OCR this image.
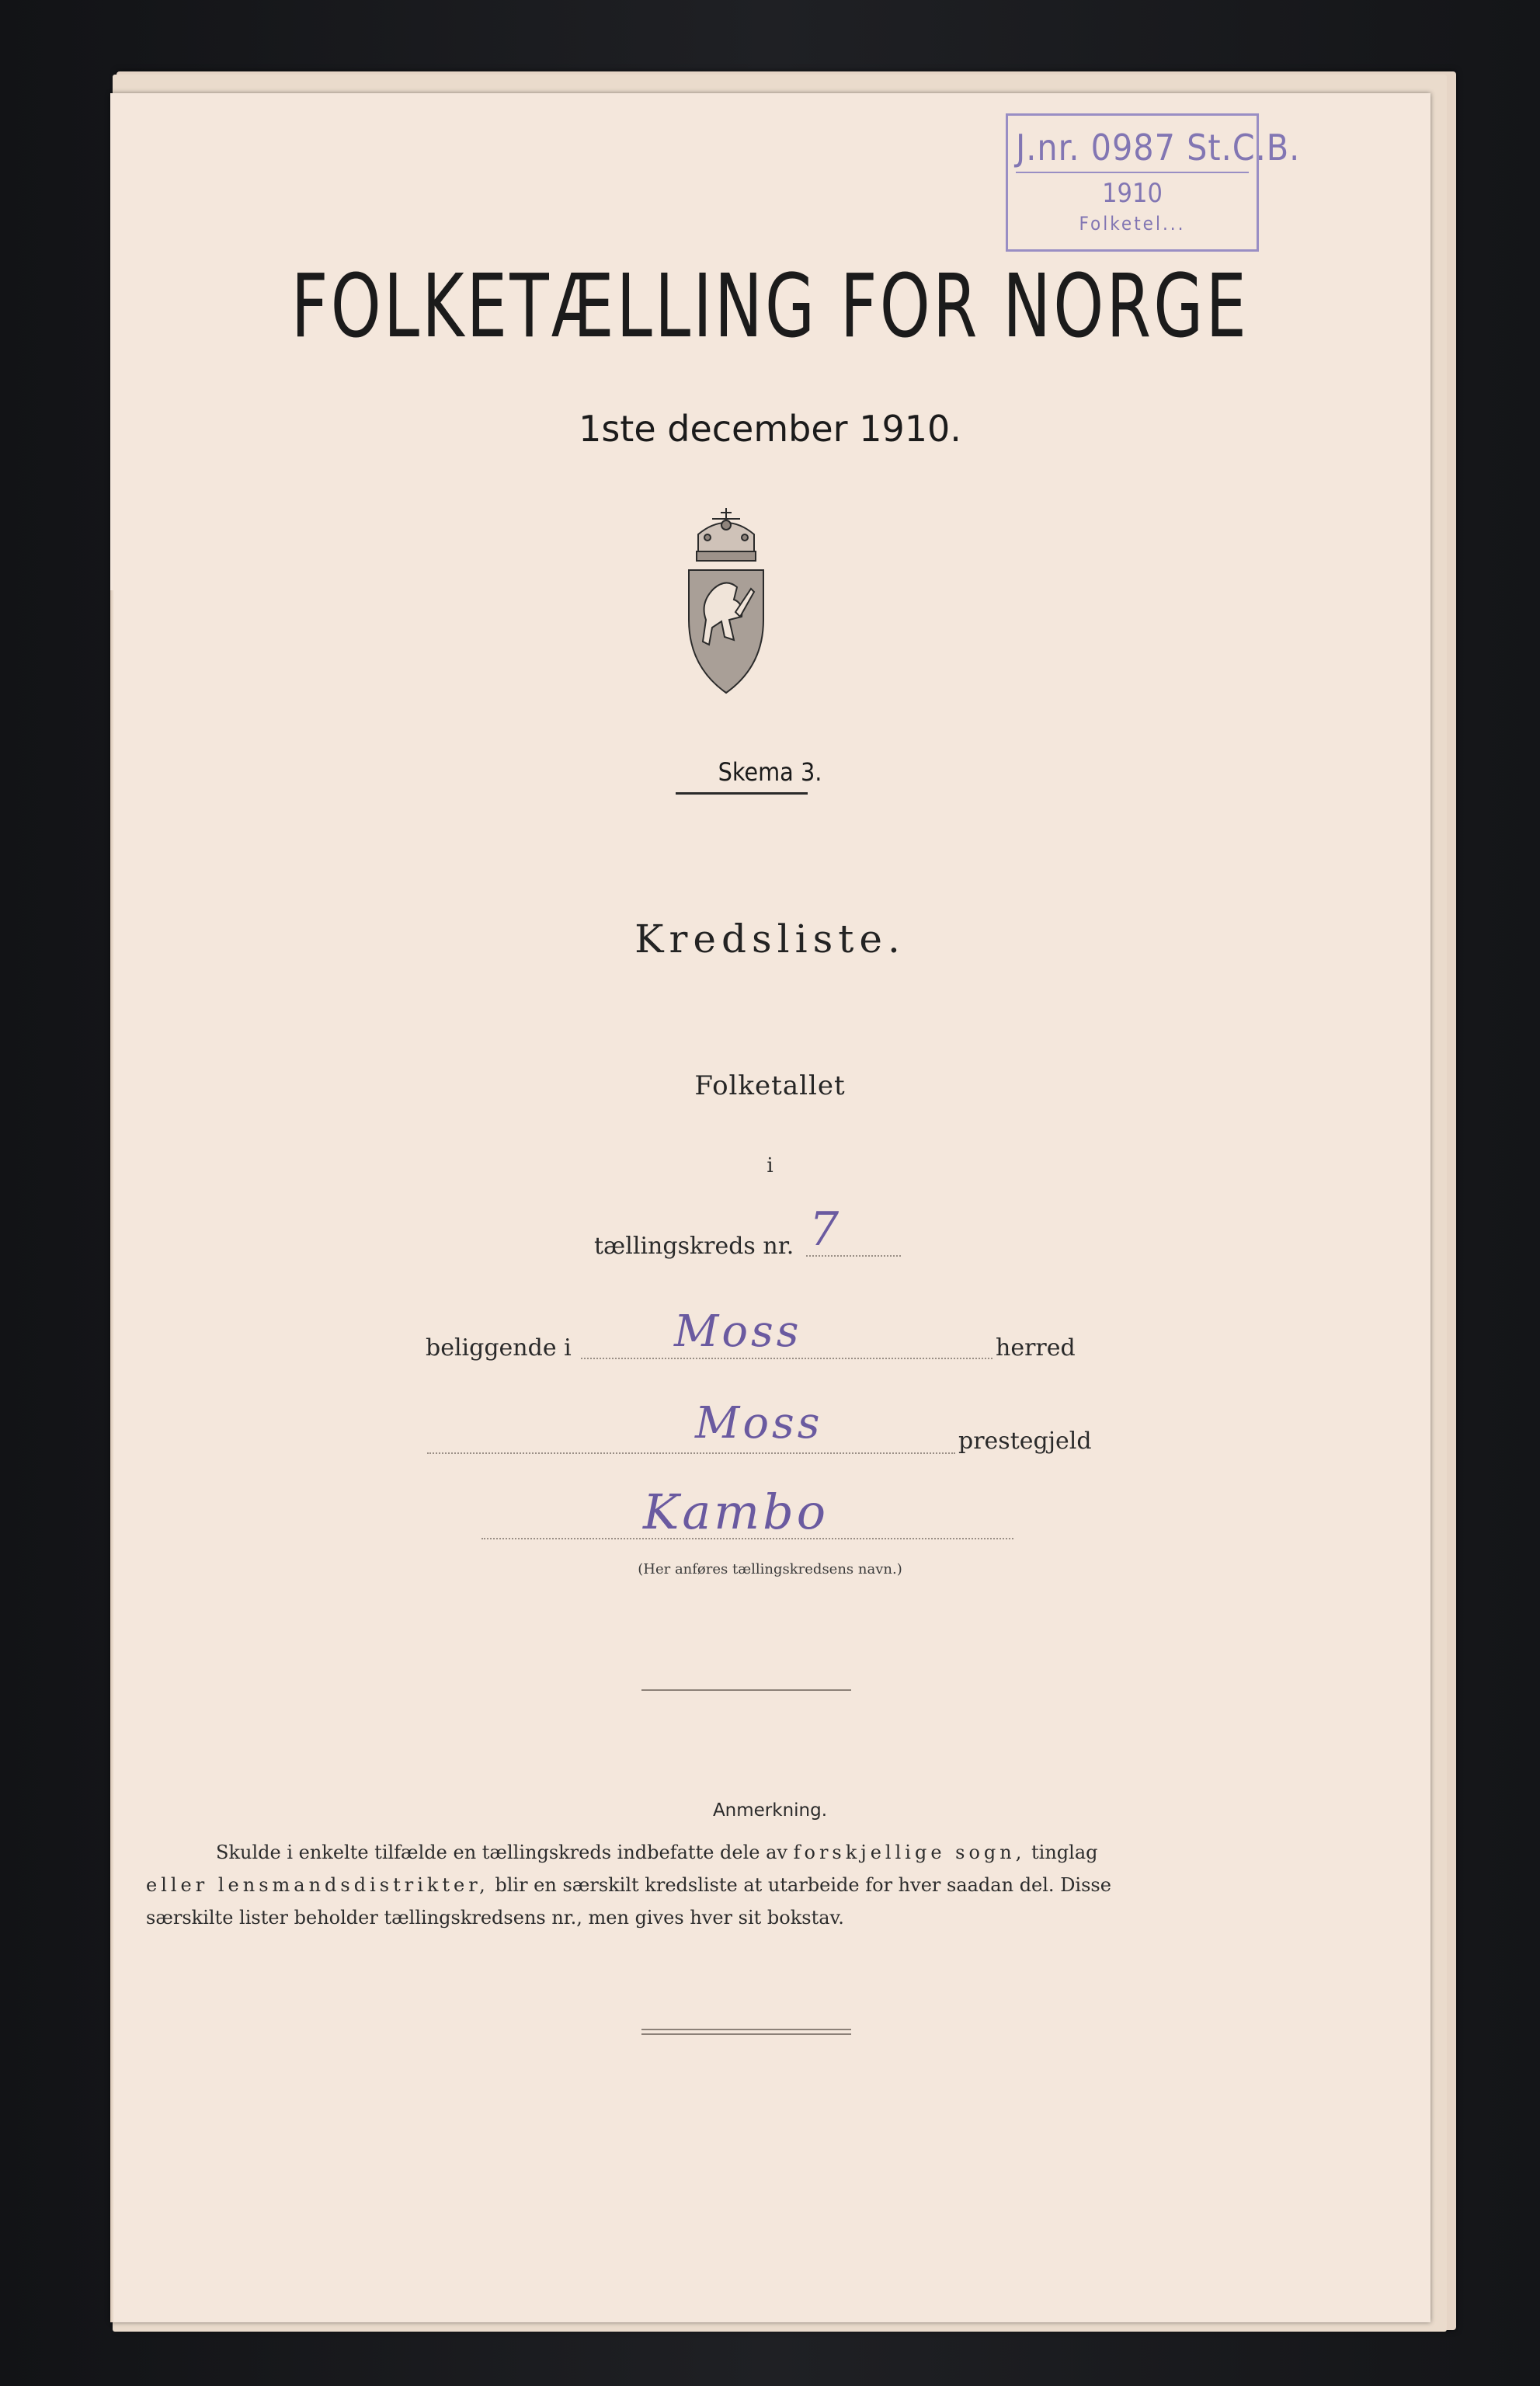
J.nr. 0987 St.C.B.
1910
Folketel...
FOLKETÆLLING FOR NORGE
1ste december 1910.
Skema 3.
Kredsliste.
Folketallet
i
tællingskreds nr. 7
beliggende i Moss	herred
Moss	prestegjeld
Kambo
(Her anføres tællingskredsens navn.)
Anmerkning.
Skulde i enkelte tilfælde en tællingskreds indbefatte dele av forskjellige sogn, tinglag
eller lensmandsdistrikter, blir en særskilt kredsliste at utarbeide for hver saadan del. Disse
særskilte lister beholder tællingskredsens nr., men gives hver sit bokstav.
